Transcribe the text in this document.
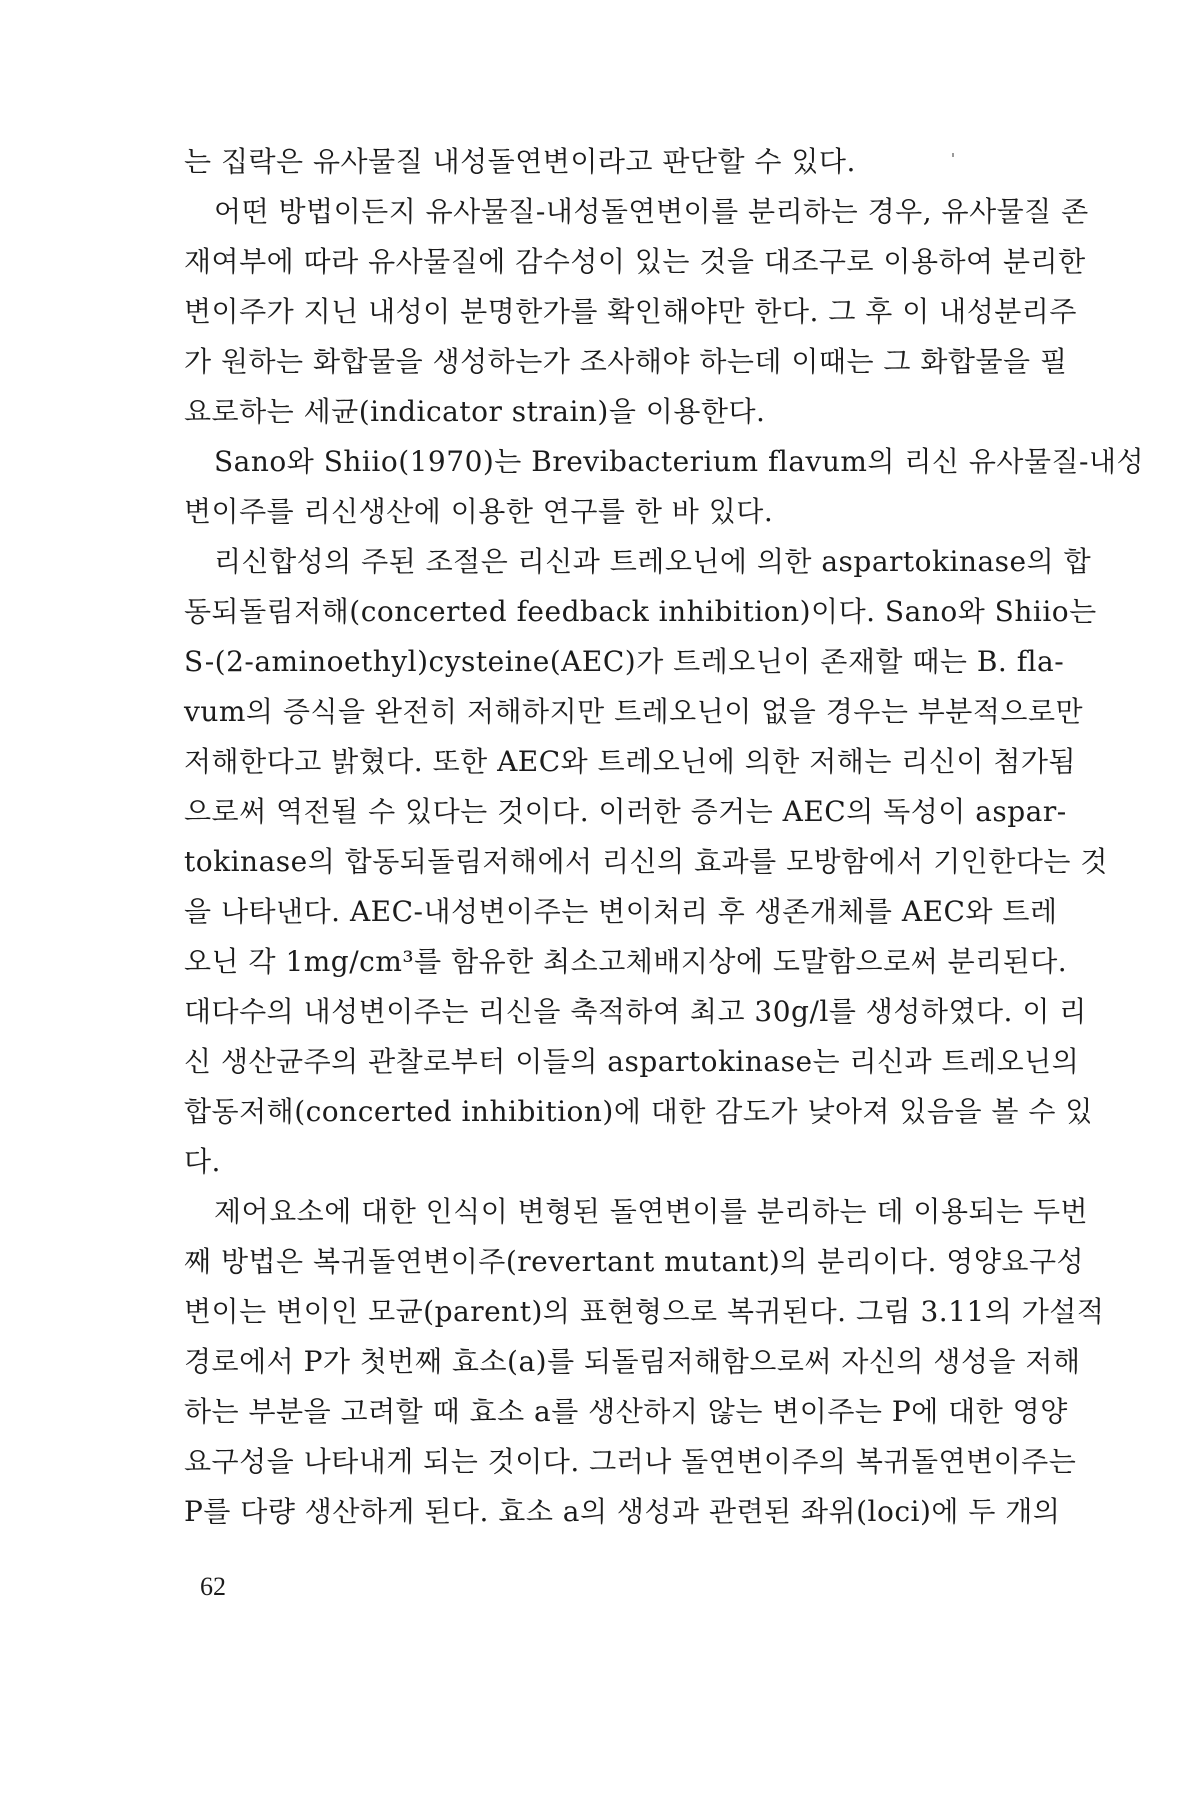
는 집락은 유사물질 내성돌연변이라고 판단할 수 있다.
어떤 방법이든지 유사물질-내성돌연변이를 분리하는 경우, 유사물질 존
재여부에 따라 유사물질에 감수성이 있는 것을 대조구로 이용하여 분리한
변이주가 지닌 내성이 분명한가를 확인해야만 한다. 그 후 이 내성분리주
가 원하는 화합물을 생성하는가 조사해야 하는데 이때는 그 화합물을 필
요로하는 세균(indicator strain)을 이용한다.
Sano와 Shiio(1970)는 Brevibacterium flavum의 리신 유사물질-내성
변이주를 리신생산에 이용한 연구를 한 바 있다.
리신합성의 주된 조절은 리신과 트레오닌에 의한 aspartokinase의 합
동되돌림저해(concerted feedback inhibition)이다. Sano와 Shiio는
S-(2-aminoethyl)cysteine(AEC)가 트레오닌이 존재할 때는 B. fla-
vum의 증식을 완전히 저해하지만 트레오닌이 없을 경우는 부분적으로만
저해한다고 밝혔다. 또한 AEC와 트레오닌에 의한 저해는 리신이 첨가됨
으로써 역전될 수 있다는 것이다. 이러한 증거는 AEC의 독성이 aspar-
tokinase의 합동되돌림저해에서 리신의 효과를 모방함에서 기인한다는 것
을 나타낸다. AEC-내성변이주는 변이처리 후 생존개체를 AEC와 트레
오닌 각 1mg/cm³를 함유한 최소고체배지상에 도말함으로써 분리된다.
대다수의 내성변이주는 리신을 축적하여 최고 30g/l를 생성하였다. 이 리
신 생산균주의 관찰로부터 이들의 aspartokinase는 리신과 트레오닌의
합동저해(concerted inhibition)에 대한 감도가 낮아져 있음을 볼 수 있
다.
제어요소에 대한 인식이 변형된 돌연변이를 분리하는 데 이용되는 두번
째 방법은 복귀돌연변이주(revertant mutant)의 분리이다. 영양요구성
변이는 변이인 모균(parent)의 표현형으로 복귀된다. 그림 3.11의 가설적
경로에서 P가 첫번째 효소(a)를 되돌림저해함으로써 자신의 생성을 저해
하는 부분을 고려할 때 효소 a를 생산하지 않는 변이주는 P에 대한 영양
요구성을 나타내게 되는 것이다. 그러나 돌연변이주의 복귀돌연변이주는
P를 다량 생산하게 된다. 효소 a의 생성과 관련된 좌위(loci)에 두 개의
62
